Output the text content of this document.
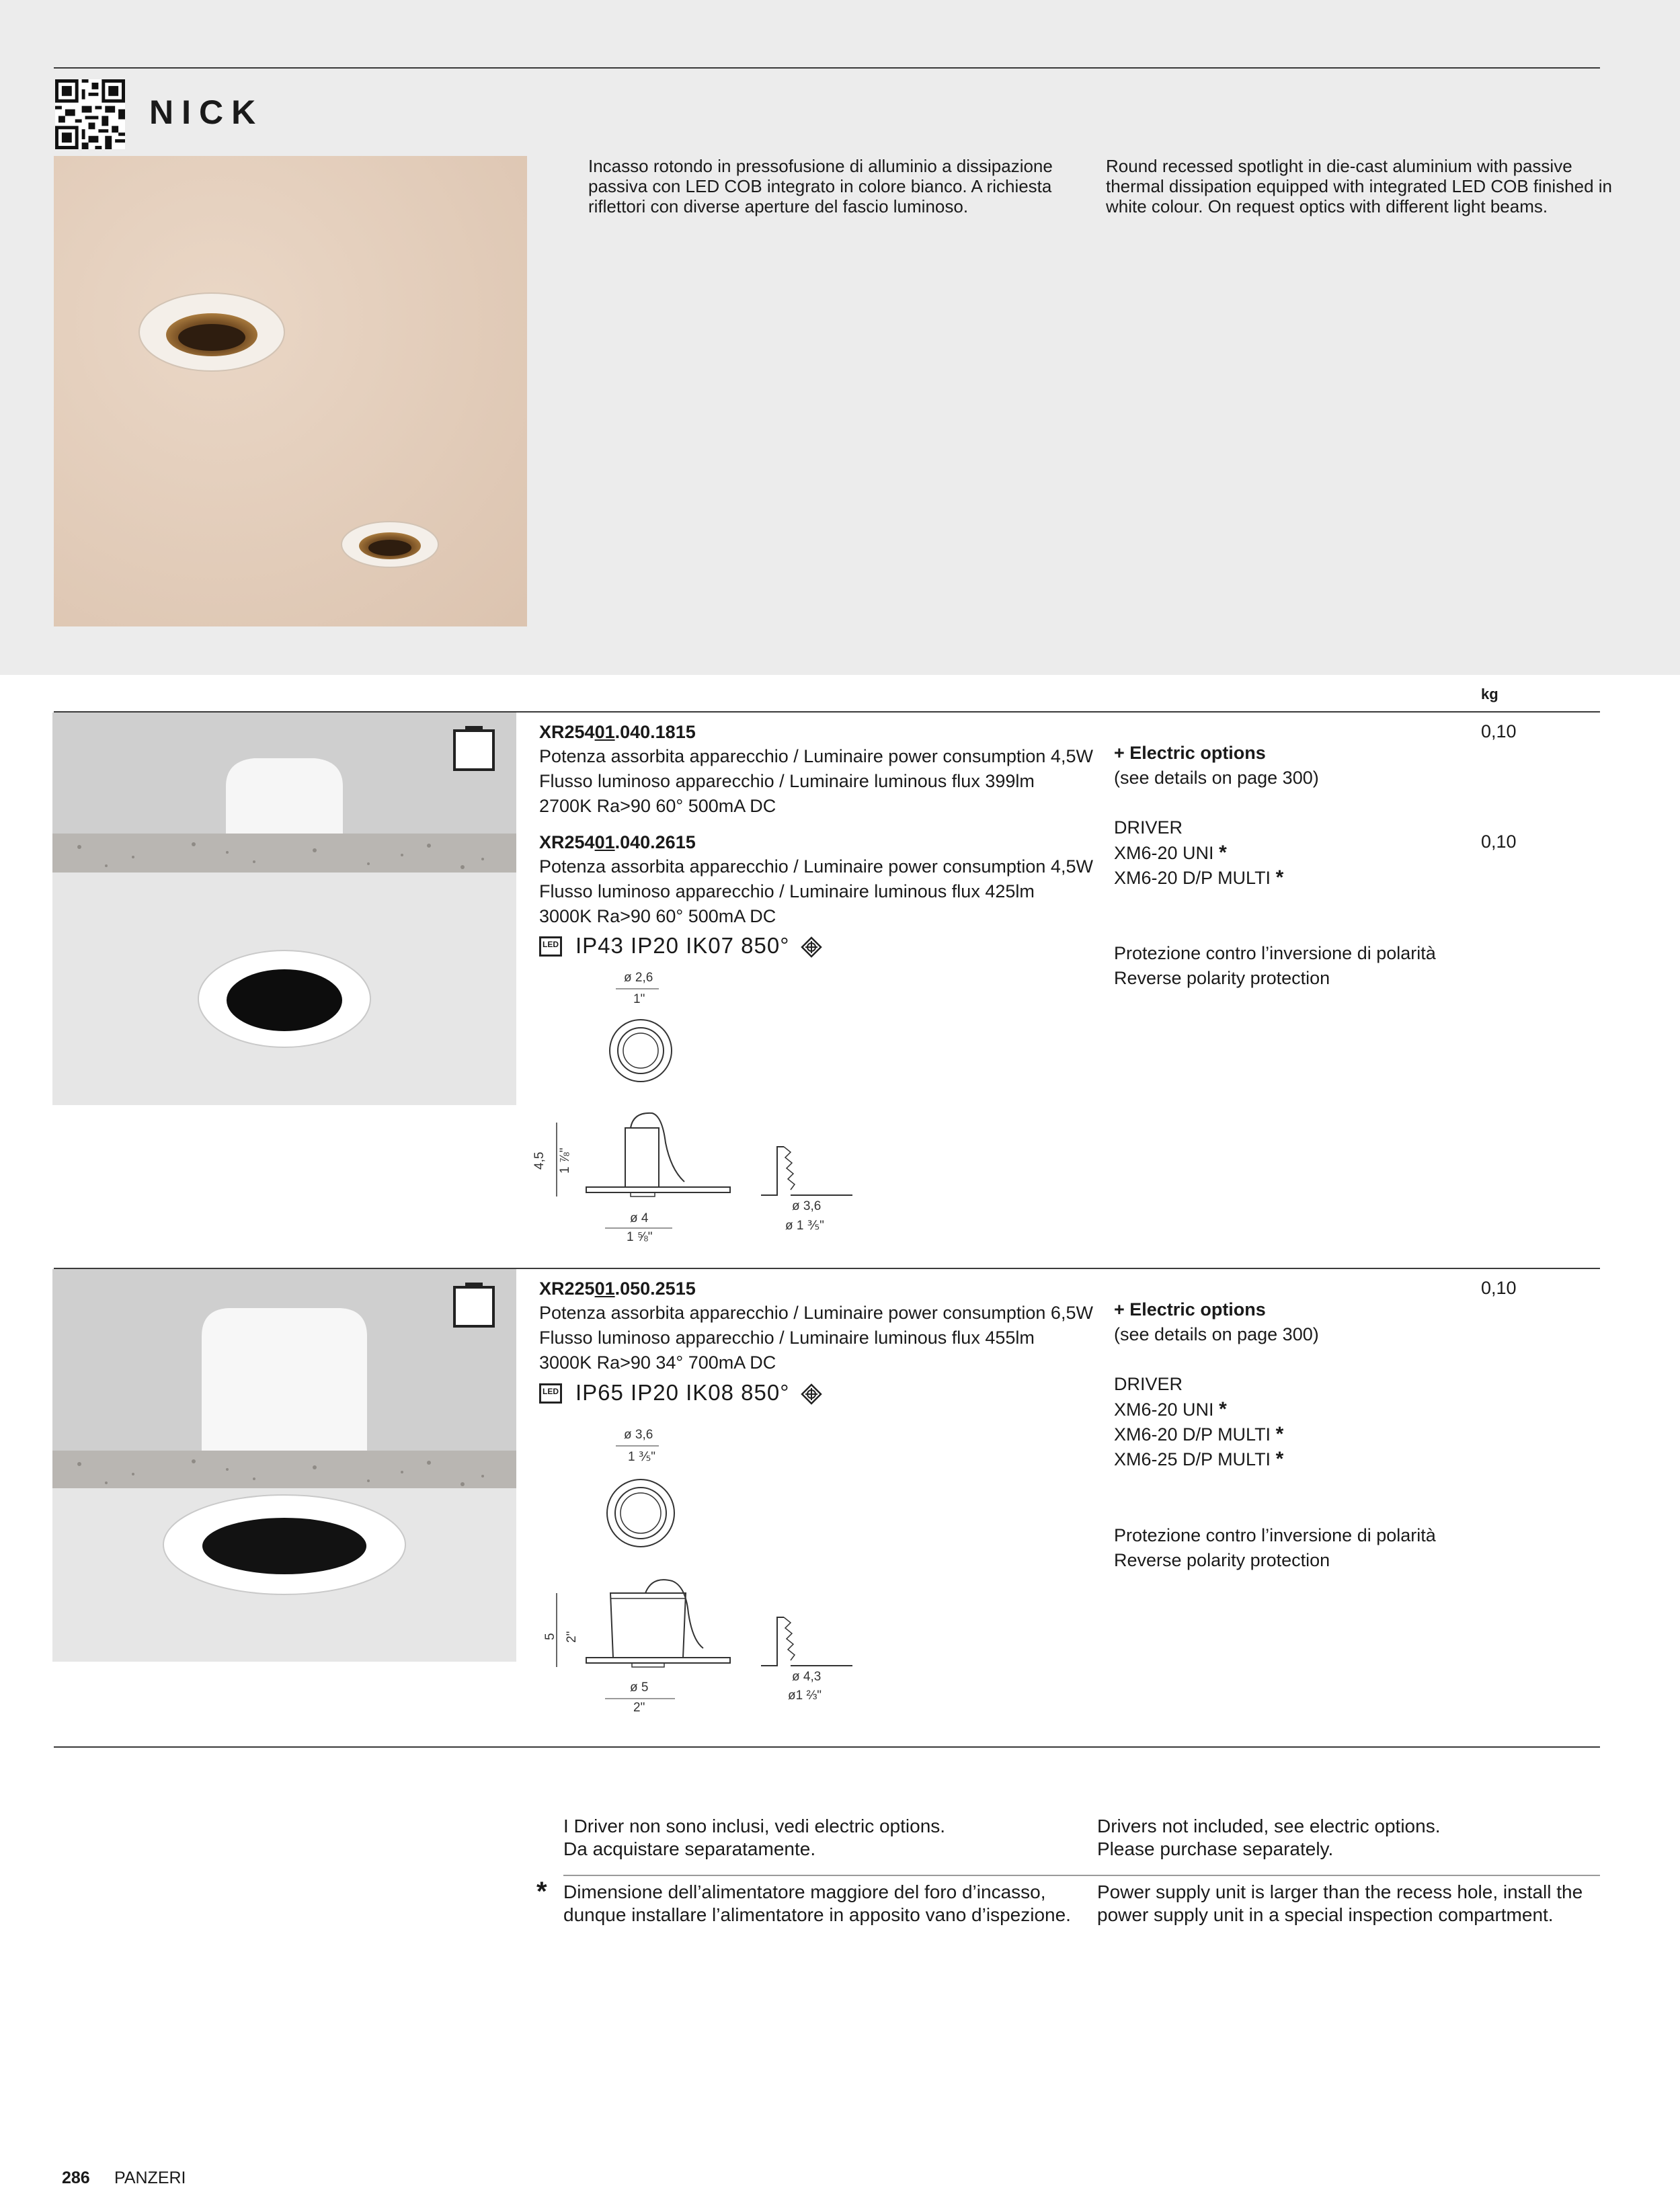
NICK
Incasso rotondo in pressofusione di alluminio a dissipazione
passiva con LED COB integrato in colore bianco. A richiesta
riflettori con diverse aperture del fascio luminoso.
Round recessed spotlight in die-cast aluminium with passive
thermal dissipation equipped with integrated LED COB finished in
white colour. On request optics with different light beams.
kg
XR25401.040.1815
Potenza assorbita apparecchio / Luminaire power consumption 4,5W
Flusso luminoso apparecchio / Luminaire luminous flux 399lm
2700K Ra>90 60° 500mA DC
0,10
XR25401.040.2615
Potenza assorbita apparecchio / Luminaire power consumption 4,5W
Flusso luminoso apparecchio / Luminaire luminous flux 425lm
3000K Ra>90 60° 500mA DC
0,10
LED IP43 IP20 IK07 850°
+ Electric options
(see details on page 300)
DRIVER
XM6-20 UNI *
XM6-20 D/P MULTI *
Protezione contro l’inversione di polarità
Reverse polarity protection
ø 2,6
1"
4,5 1 ⅞"
ø 4
1 ⅝"
ø 3,6
ø 1 ⅗"
XR22501.050.2515
Potenza assorbita apparecchio / Luminaire power consumption 6,5W
Flusso luminoso apparecchio / Luminaire luminous flux 455lm
3000K Ra>90 34° 700mA DC
0,10
LED IP65 IP20 IK08 850°
+ Electric options
(see details on page 300)
DRIVER
XM6-20 UNI *
XM6-20 D/P MULTI *
XM6-25 D/P MULTI *
Protezione contro l’inversione di polarità
Reverse polarity protection
ø 3,6
1 ⅗"
5 2"
ø 5
2"
ø 4,3
ø1 ⅔"
I Driver non sono inclusi, vedi electric options.
Da acquistare separatamente.
Drivers not included, see electric options.
Please purchase separately.
* Dimensione dell’alimentatore maggiore del foro d’incasso,
dunque installare l’alimentatore in apposito vano d’ispezione.
Power supply unit is larger than the recess hole, install the
power supply unit in a special inspection compartment.
286 PANZERI
